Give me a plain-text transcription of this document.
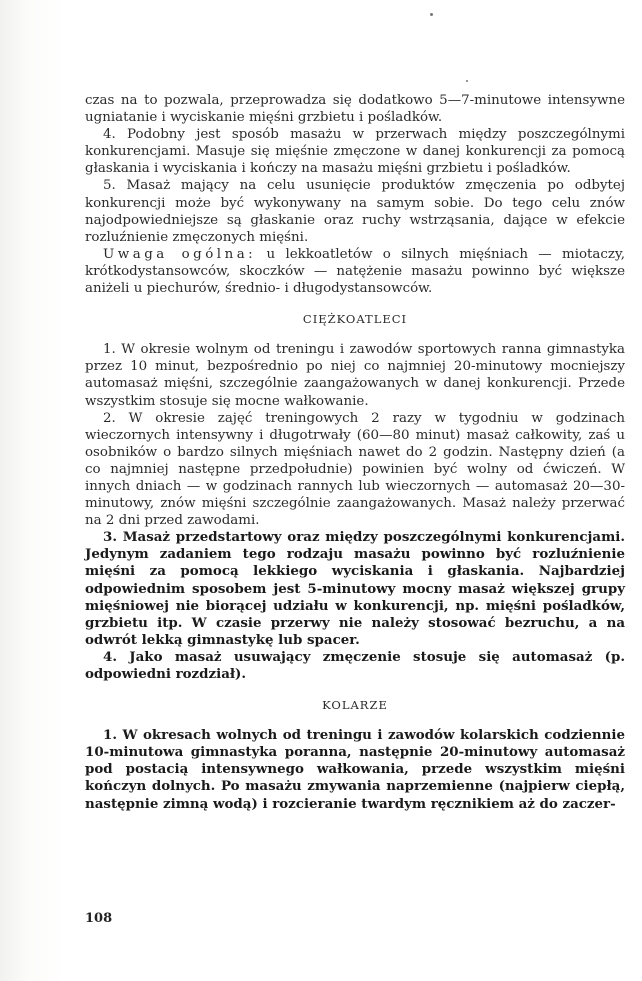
czas na to pozwala, przeprowadza się dodatkowo 5—7-minutowe intensywne ugniatanie i wyciskanie mięśni grzbietu i pośladków.

4. Podobny jest sposób masażu w przerwach między poszczególnymi konkurencjami. Masuje się mięśnie zmęczone w danej konkurencji za pomocą głaskania i wyciskania i kończy na masażu mięśni grzbietu i pośladków.

5. Masaż mający na celu usunięcie produktów zmęczenia po odbytej konkurencji może być wykonywany na samym sobie. Do tego celu znów najodpowiedniejsze są głaskanie oraz ruchy wstrząsania, dające w efekcie rozluźnienie zmęczonych mięśni.

Uwaga ogólna: u lekkoatletów o silnych mięśniach — miotaczy, krótkodystansowców, skoczków — natężenie masażu powinno być większe aniżeli u piechurów, średnio- i długodystansowców.

CIĘŻKOATLECI

1. W okresie wolnym od treningu i zawodów sportowych ranna gimnastyka przez 10 minut, bezpośrednio po niej co najmniej 20-minutowy mocniejszy automasaż mięśni, szczególnie zaangażowanych w danej konkurencji. Przede wszystkim stosuje się mocne wałkowanie.

2. W okresie zajęć treningowych 2 razy w tygodniu w godzinach wieczornych intensywny i długotrwały (60—80 minut) masaż całkowity, zaś u osobników o bardzo silnych mięśniach nawet do 2 godzin. Następny dzień (a co najmniej następne przedpołudnie) powinien być wolny od ćwiczeń. W innych dniach — w godzinach rannych lub wieczornych — automasaż 20—30-minutowy, znów mięśni szczególnie zaangażowanych. Masaż należy przerwać na 2 dni przed zawodami.

3. Masaż przedstartowy oraz między poszczególnymi konkurencjami. Jedynym zadaniem tego rodzaju masażu powinno być rozluźnienie mięśni za pomocą lekkiego wyciskania i głaskania. Najbardziej odpowiednim sposobem jest 5-minutowy mocny masaż większej grupy mięśniowej nie biorącej udziału w konkurencji, np. mięśni pośladków, grzbietu itp. W czasie przerwy nie należy stosować bezruchu, a na odwrót lekką gimnastykę lub spacer.

4. Jako masaż usuwający zmęczenie stosuje się automasaż (p. odpowiedni rozdział).

KOLARZE

1. W okresach wolnych od treningu i zawodów kolarskich codziennie 10-minutowa gimnastyka poranna, następnie 20-minutowy automasaż pod postacią intensywnego wałkowania, przede wszystkim mięśni kończyn dolnych. Po masażu zmywania naprzemienne (najpierw ciepłą, następnie zimną wodą) i rozcieranie twardym ręcznikiem aż do zaczer-

108
